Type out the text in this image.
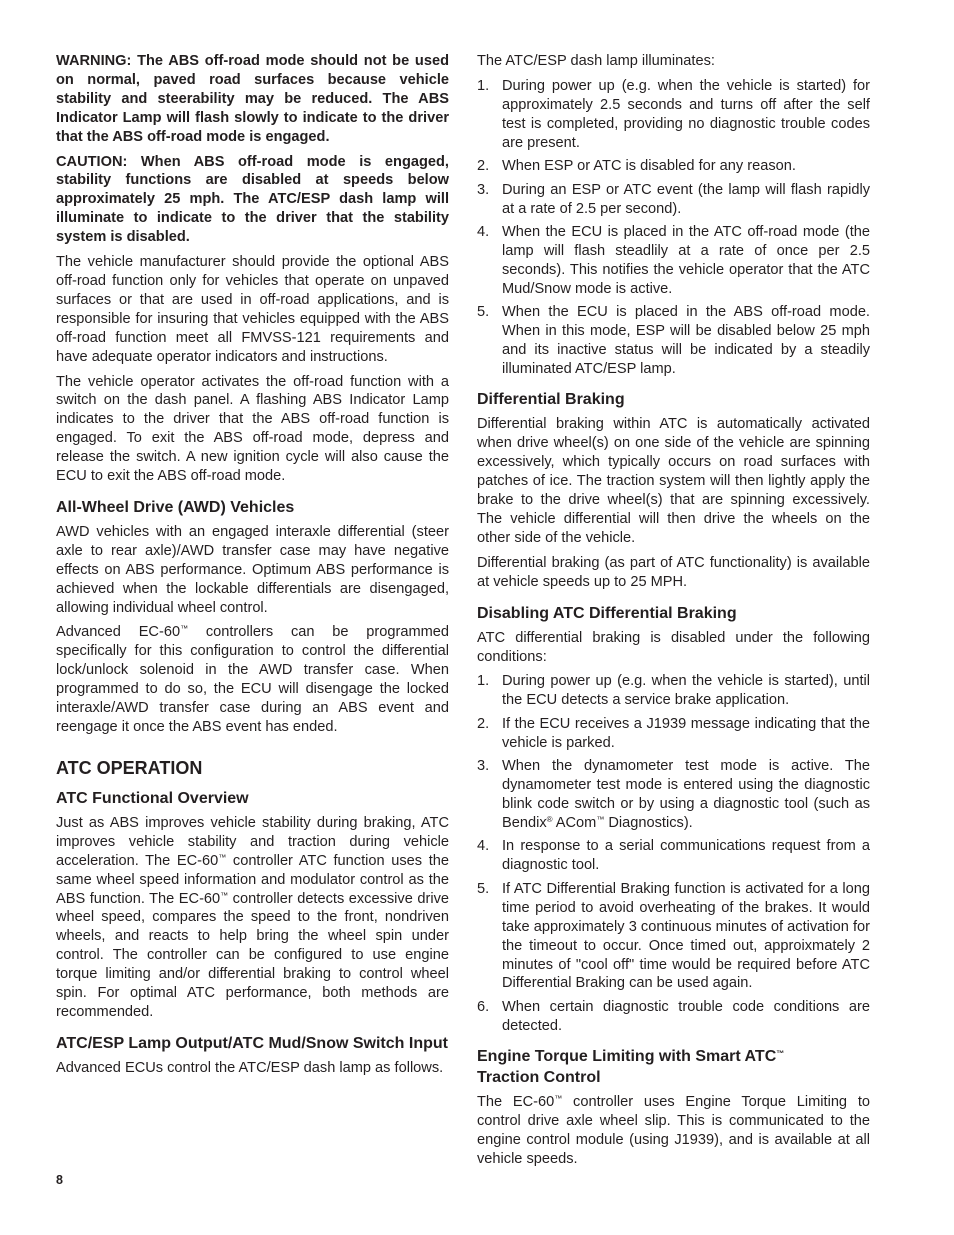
WARNING: The ABS off-road mode should not be used on normal, paved road surfaces because vehicle stability and steerability may be reduced. The ABS Indicator Lamp will flash slowly to indicate to the driver that the ABS off-road mode is engaged.

CAUTION: When ABS off-road mode is engaged, stability functions are disabled at speeds below approximately 25 mph. The ATC/ESP dash lamp will illuminate to indicate to the driver that the stability system is disabled.

The vehicle manufacturer should provide the optional ABS off-road function only for vehicles that operate on unpaved surfaces or that are used in off-road applications, and is responsible for insuring that vehicles equipped with the ABS off-road function meet all FMVSS-121 requirements and have adequate operator indicators and instructions.

The vehicle operator activates the off-road function with a switch on the dash panel. A flashing ABS Indicator Lamp indicates to the driver that the ABS off-road function is engaged. To exit the ABS off-road mode, depress and release the switch. A new ignition cycle will also cause the ECU to exit the ABS off-road mode.

All-Wheel Drive (AWD) Vehicles

AWD vehicles with an engaged interaxle differential (steer axle to rear axle)/AWD transfer case may have negative effects on ABS performance. Optimum ABS performance is achieved when the lockable differentials are disengaged, allowing individual wheel control.

Advanced EC-60™ controllers can be programmed specifically for this configuration to control the differential lock/unlock solenoid in the AWD transfer case. When programmed to do so, the ECU will disengage the locked interaxle/AWD transfer case during an ABS event and reengage it once the ABS event has ended.

ATC OPERATION
ATC Functional Overview

Just as ABS improves vehicle stability during braking, ATC improves vehicle stability and traction during vehicle acceleration. The EC-60™ controller ATC function uses the same wheel speed information and modulator control as the ABS function. The EC-60™ controller detects excessive drive wheel speed, compares the speed to the front, nondriven wheels, and reacts to help bring the wheel spin under control. The controller can be configured to use engine torque limiting and/or differential braking to control wheel spin. For optimal ATC performance, both methods are recommended.

ATC/ESP Lamp Output/ATC Mud/Snow Switch Input

Advanced ECUs control the ATC/ESP dash lamp as follows.

The ATC/ESP dash lamp illuminates:

1. During power up (e.g. when the vehicle is started) for approximately 2.5 seconds and turns off after the self test is completed, providing no diagnostic trouble codes are present.
2. When ESP or ATC is disabled for any reason.
3. During an ESP or ATC event (the lamp will flash rapidly at a rate of 2.5 per second).
4. When the ECU is placed in the ATC off-road mode (the lamp will flash steadlily at a rate of once per 2.5 seconds). This notifies the vehicle operator that the ATC Mud/Snow mode is active.
5. When the ECU is placed in the ABS off-road mode. When in this mode, ESP will be disabled below 25 mph and its inactive status will be indicated by a steadily illuminated ATC/ESP lamp.
Differential Braking

Differential braking within ATC is automatically activated when drive wheel(s) on one side of the vehicle are spinning excessively, which typically occurs on road surfaces with patches of ice. The traction system will then lightly apply the brake to the drive wheel(s) that are spinning excessively. The vehicle differential will then drive the wheels on the other side of the vehicle.

Differential braking (as part of ATC functionality) is available at vehicle speeds up to 25 MPH.

Disabling ATC Differential Braking

ATC differential braking is disabled under the following conditions:

1. During power up (e.g. when the vehicle is started), until the ECU detects a service brake application.
2. If the ECU receives a J1939 message indicating that the vehicle is parked.
3. When the dynamometer test mode is active. The dynamometer test mode is entered using the diagnostic blink code switch or by using a diagnostic tool (such as Bendix® ACom™ Diagnostics).
4. In response to a serial communications request from a diagnostic tool.
5. If ATC Differential Braking function is activated for a long time period to avoid overheating of the brakes. It would take approximately 3 continuous minutes of activation for the timeout to occur. Once timed out, approixmately 2 minutes of "cool off" time would be required before ATC Differential Braking can be used again.
6. When certain diagnostic trouble code conditions are detected.
Engine Torque Limiting with Smart ATC™
Traction Control

The EC-60™ controller uses Engine Torque Limiting to control drive axle wheel slip. This is communicated to the engine control module (using J1939), and is available at all vehicle speeds.

8
